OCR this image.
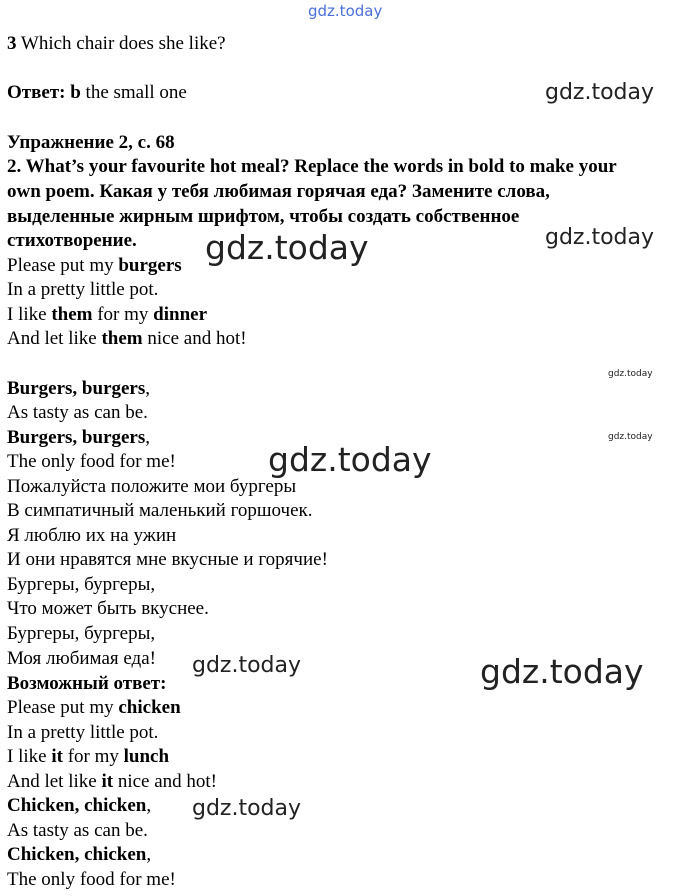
gdz.today
gdz.today
gdz.today
gdz.today
gdz.today
gdz.today
gdz.today
gdz.today	gdz.today
gdz.today

3 Which chair does she like?

Ответ: b the small one

Упражнение 2, с. 68

2. What’s your favourite hot meal? Replace the words in bold to make your

own poem. Какая у тебя любимая горячая еда? Замените слова,

выделенные жирным шрифтом, чтобы создать собственное

стихотворение.

Please put my burgers

In a pretty little pot.

I like them for my dinner

And let like them nice and hot!

Burgers, burgers,

As tasty as can be.

Burgers, burgers,

The only food for me!

Пожалуйста положите мои бургеры

В симпатичный маленький горшочек.

Я люблю их на ужин

И они нравятся мне вкусные и горячие!

Бургеры, бургеры,

Что может быть вкуснее.

Бургеры, бургеры,

Моя любимая еда!

Возможный ответ:

Please put my chicken

In a pretty little pot.

I like it for my lunch

And let like it nice and hot!

Chicken, chicken,

As tasty as can be.

Chicken, chicken,

The only food for me!
